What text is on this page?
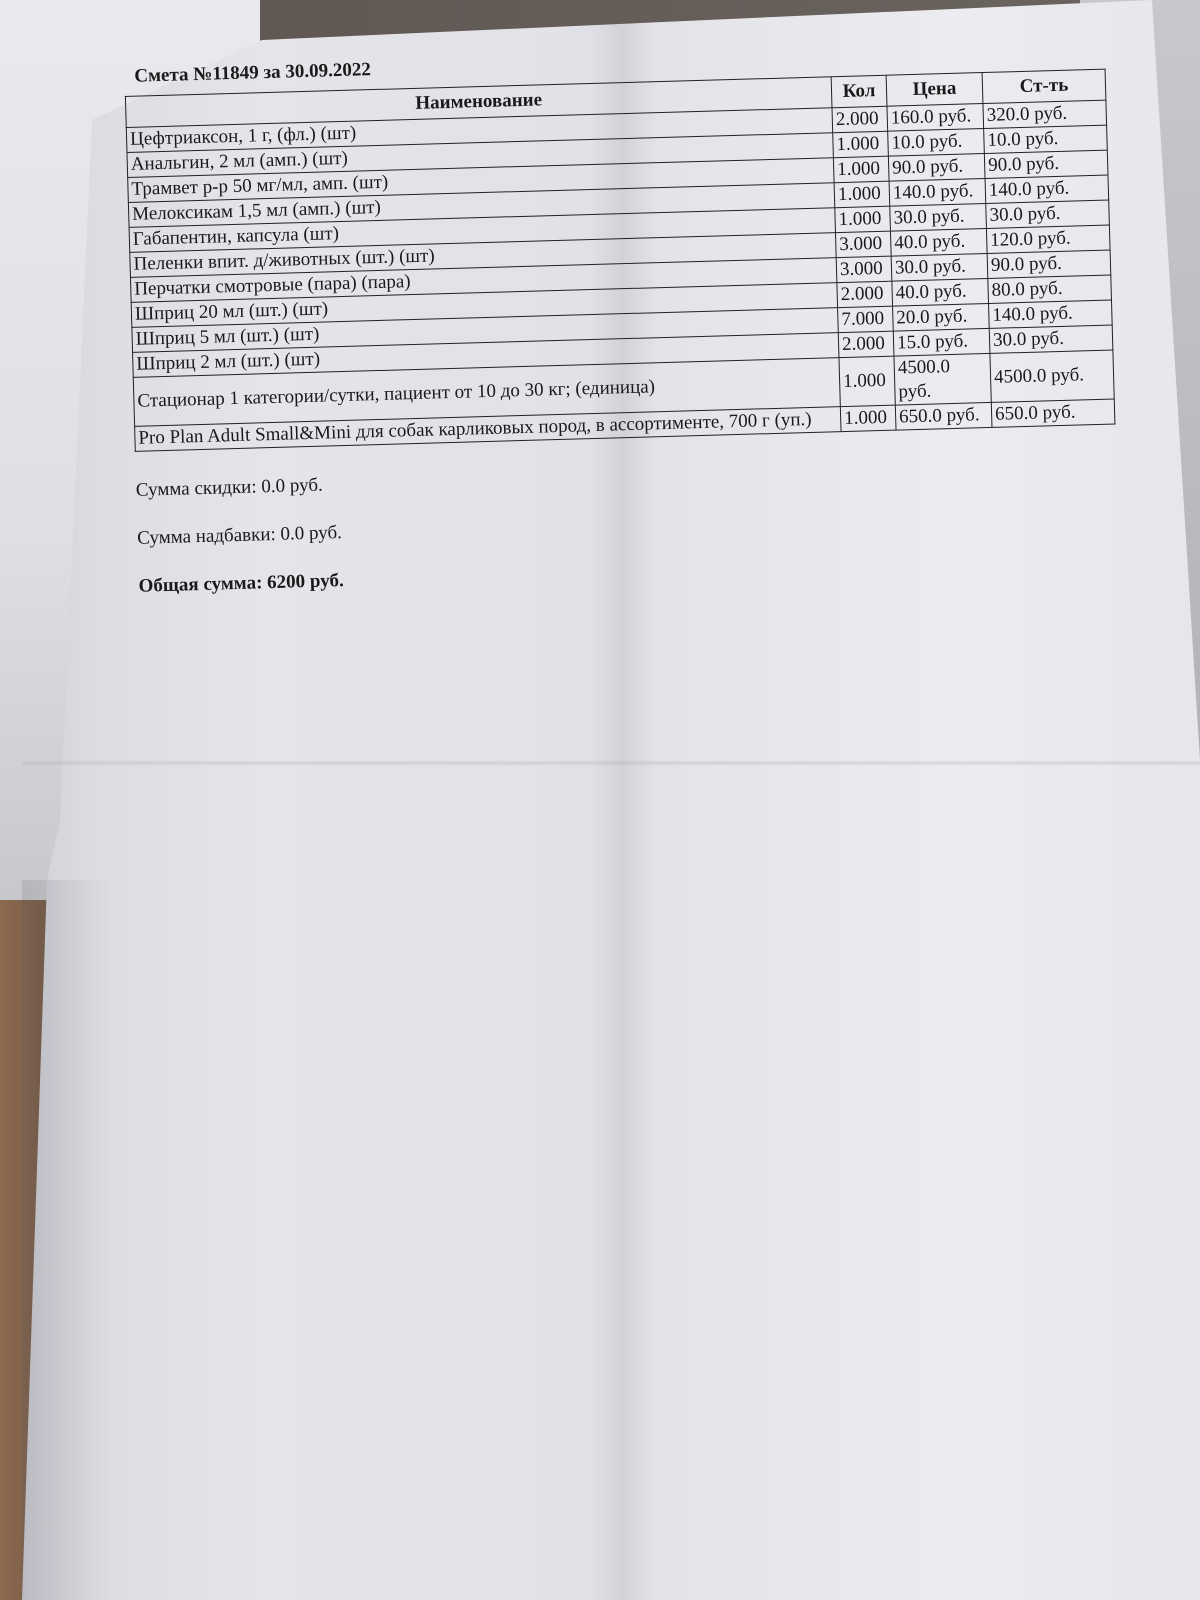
Смета №11849 за 30.09.2022
Наименование	Кол	Цена	Ст-ть
Цефтриаксон, 1 г, (фл.) (шт)	2.000	160.0 руб.	320.0 руб.
Анальгин, 2 мл (амп.) (шт)	1.000	10.0 руб.	10.0 руб.
Трамвет р-р 50 мг/мл, амп. (шт)	1.000	90.0 руб.	90.0 руб.
Мелоксикам 1,5 мл (амп.) (шт)	1.000	140.0 руб.	140.0 руб.
Габапентин, капсула (шт)	1.000	30.0 руб.	30.0 руб.
Пеленки впит. д/животных (шт.) (шт)	3.000	40.0 руб.	120.0 руб.
Перчатки смотровые (пара) (пара)	3.000	30.0 руб.	90.0 руб.
Шприц 20 мл (шт.) (шт)	2.000	40.0 руб.	80.0 руб.
Шприц 5 мл (шт.) (шт)	7.000	20.0 руб.	140.0 руб.
Шприц 2 мл (шт.) (шт)	2.000	15.0 руб.	30.0 руб.
Стационар 1 категории/сутки, пациент от 10 до 30 кг; (единица)	1.000	4500.0 руб.	4500.0 руб.
Pro Plan Adult Small&Mini для собак карликовых пород, в ассортименте, 700 г (уп.)	1.000	650.0 руб.	650.0 руб.

Сумма скидки: 0.0 руб.

Сумма надбавки: 0.0 руб.

Общая сумма: 6200 руб.
